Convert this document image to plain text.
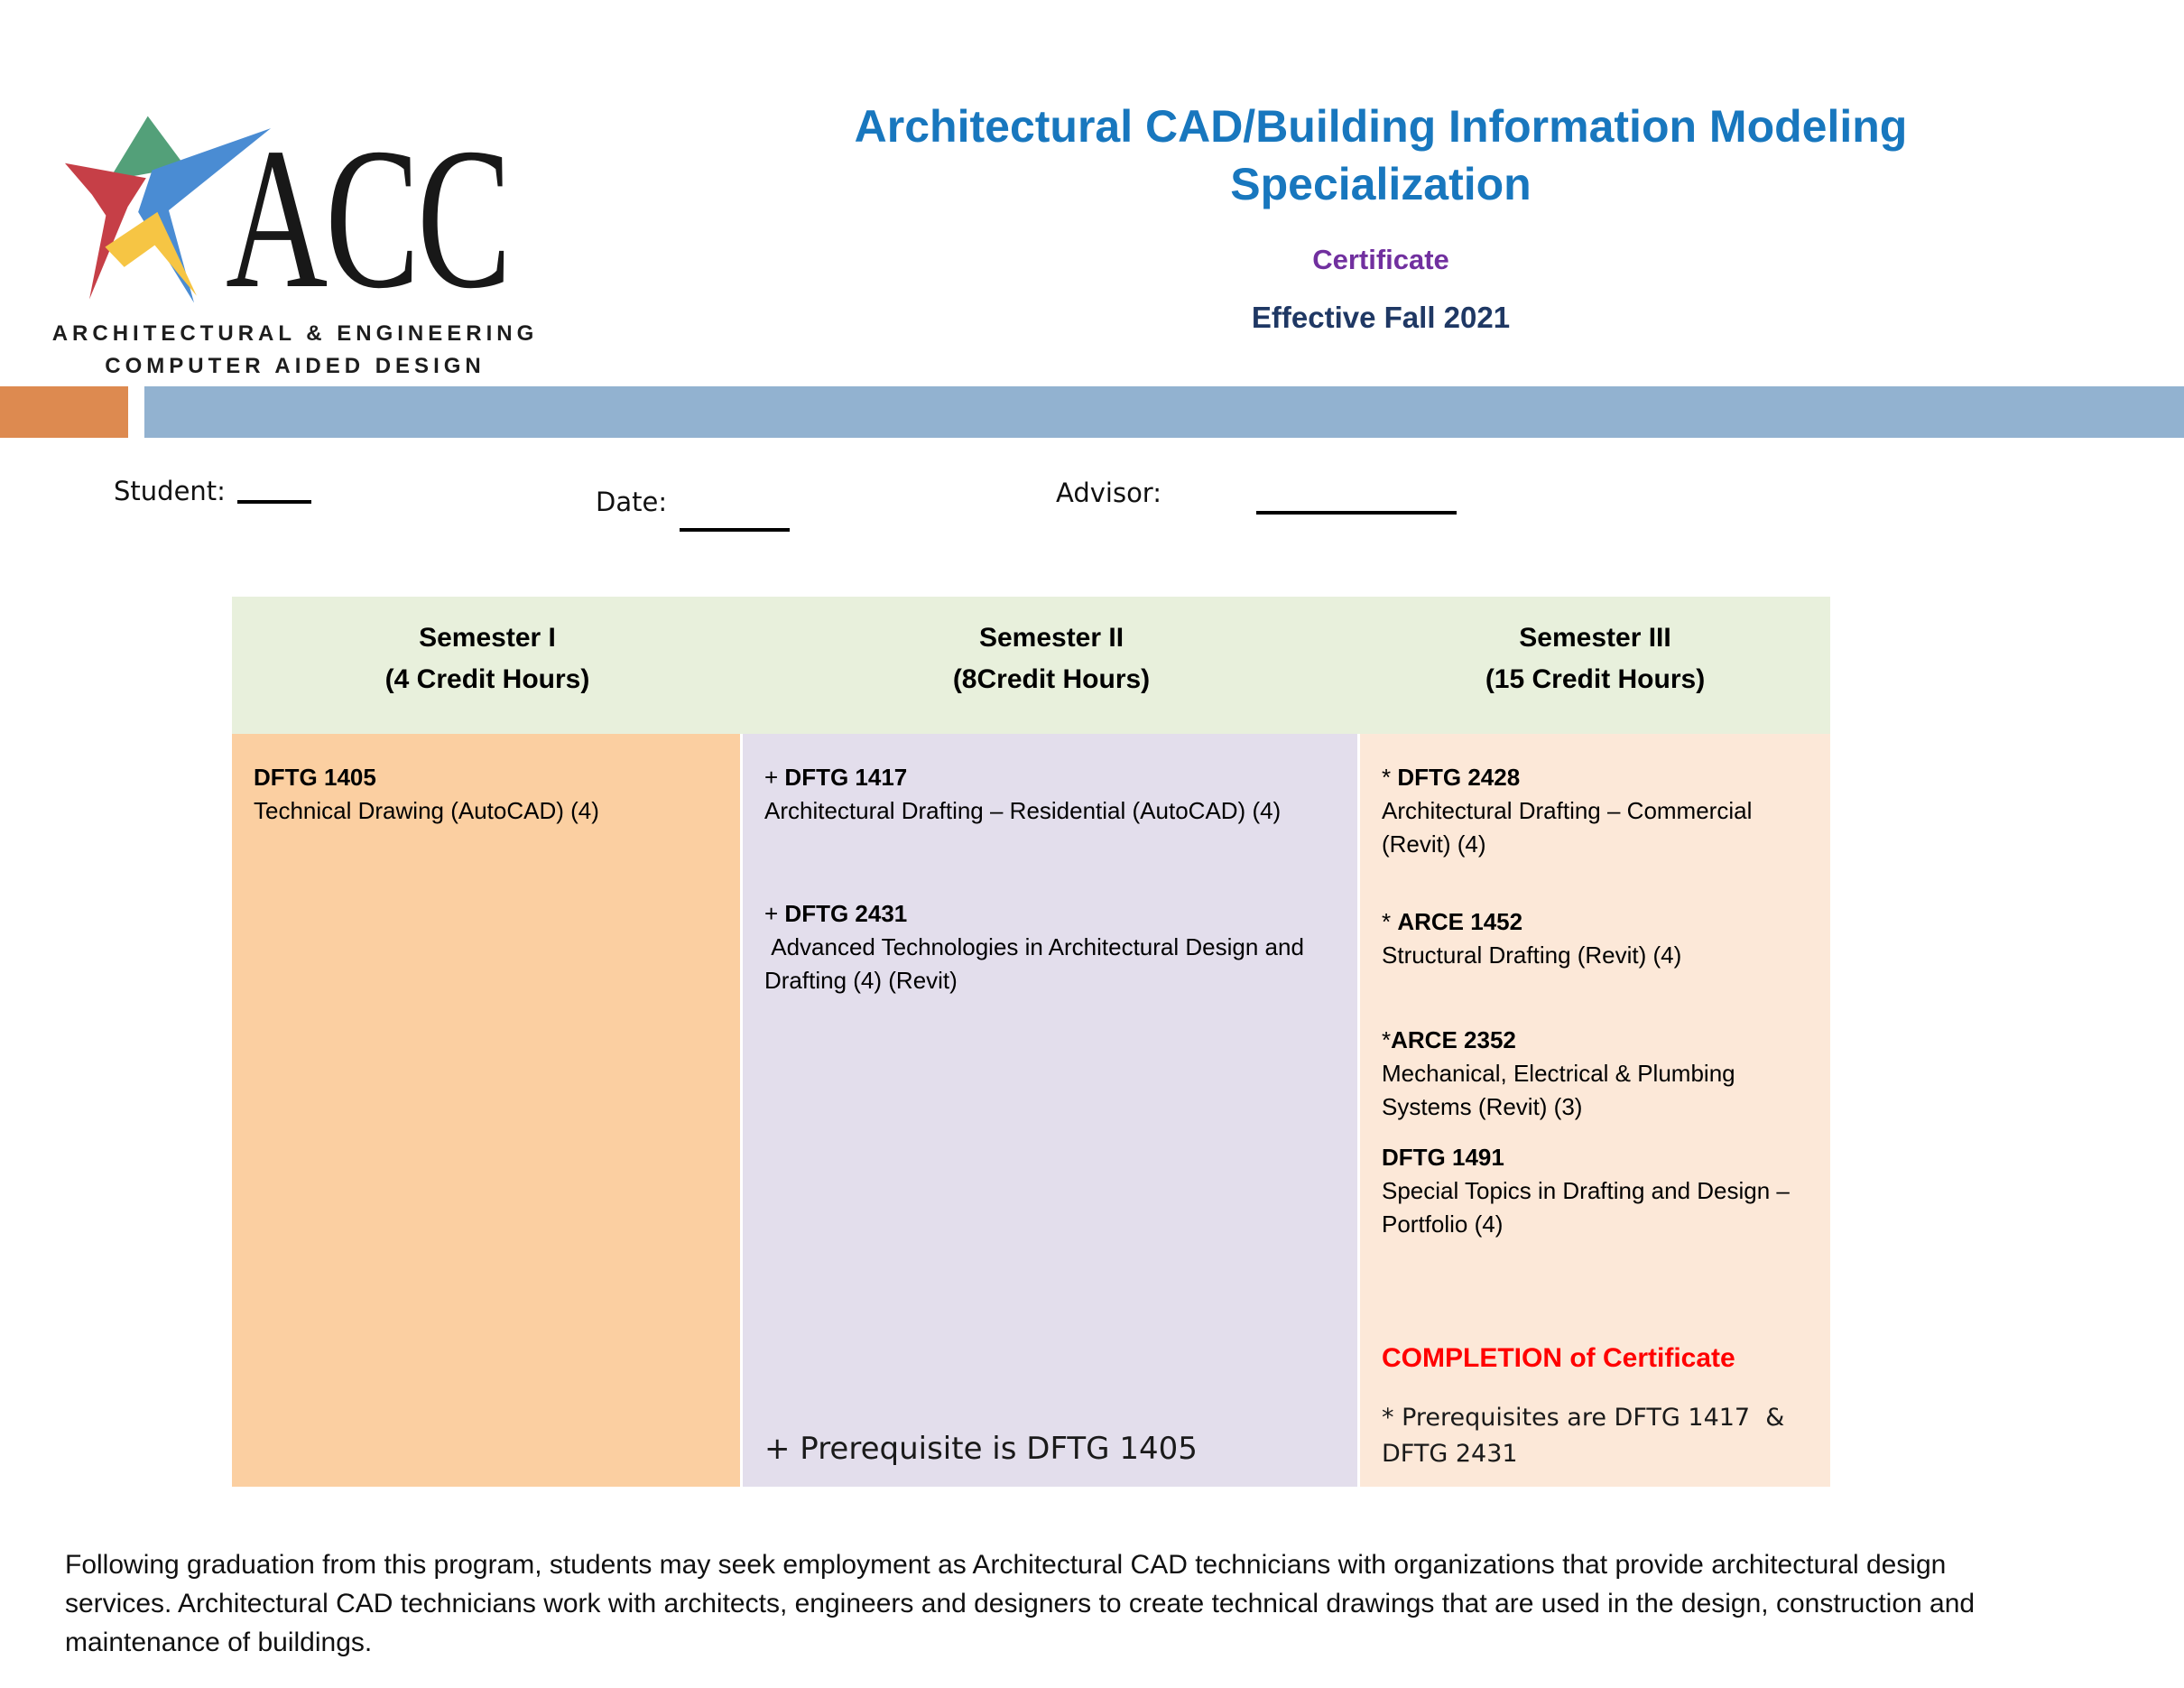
ACC
ARCHITECTURAL & ENGINEERING
COMPUTER AIDED DESIGN
Architectural CAD/Building Information Modeling
Specialization
Certificate
Effective Fall 2021
Student:	Date:	Advisor:
Semester I
(4 Credit Hours)
Semester II
(8Credit Hours)
Semester III
(15 Credit Hours)
DFTG 1405
Technical Drawing (AutoCAD) (4)
+ DFTG 1417
Architectural Drafting – Residential (AutoCAD) (4)
+ DFTG 2431
Advanced Technologies in Architectural Design and Drafting (4) (Revit)
+ Prerequisite is DFTG 1405
* DFTG 2428
Architectural Drafting – Commercial (Revit) (4)
* ARCE 1452
Structural Drafting (Revit) (4)
*ARCE 2352
Mechanical, Electrical & Plumbing Systems (Revit) (3)
DFTG 1491
Special Topics in Drafting and Design – Portfolio (4)
COMPLETION of Certificate
* Prerequisites are DFTG 1417  &
DFTG 2431
Following graduation from this program, students may seek employment as Architectural CAD technicians with organizations that provide architectural design
services. Architectural CAD technicians work with architects, engineers and designers to create technical drawings that are used in the design, construction and
maintenance of buildings.
